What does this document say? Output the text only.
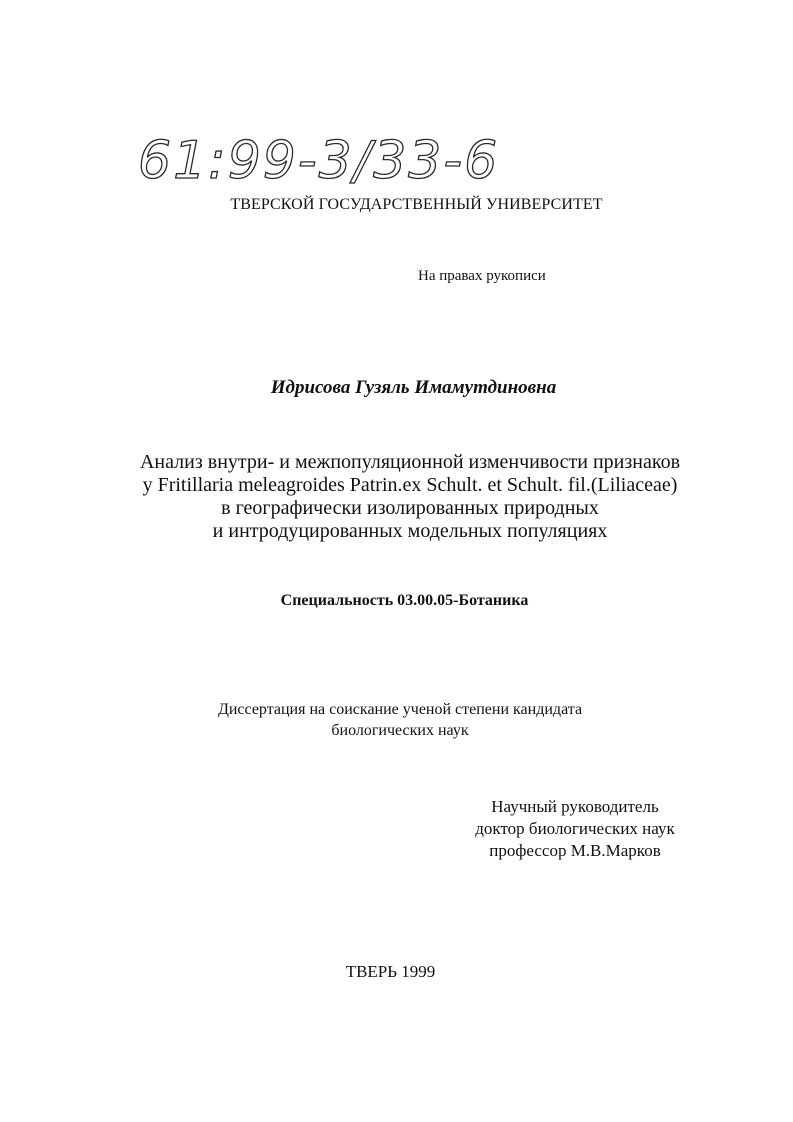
61:99-3/33-6
ТВЕРСКОЙ ГОСУДАРСТВЕННЫЙ УНИВЕРСИТЕТ
На правах рукописи
Идрисова Гузяль Имамутдиновна
Анализ внутри- и межпопуляционной изменчивости признаков
у Fritillaria meleagroides Patrin.ex Schult. et Schult. fil.(Liliaceae)
в географически изолированных природных
и интродуцированных модельных популяциях
Специальность 03.00.05-Ботаника
Диссертация на соискание ученой степени кандидата
биологических наук
Научный руководитель
доктор биологических наук
профессор М.В.Марков
ТВЕРЬ 1999
